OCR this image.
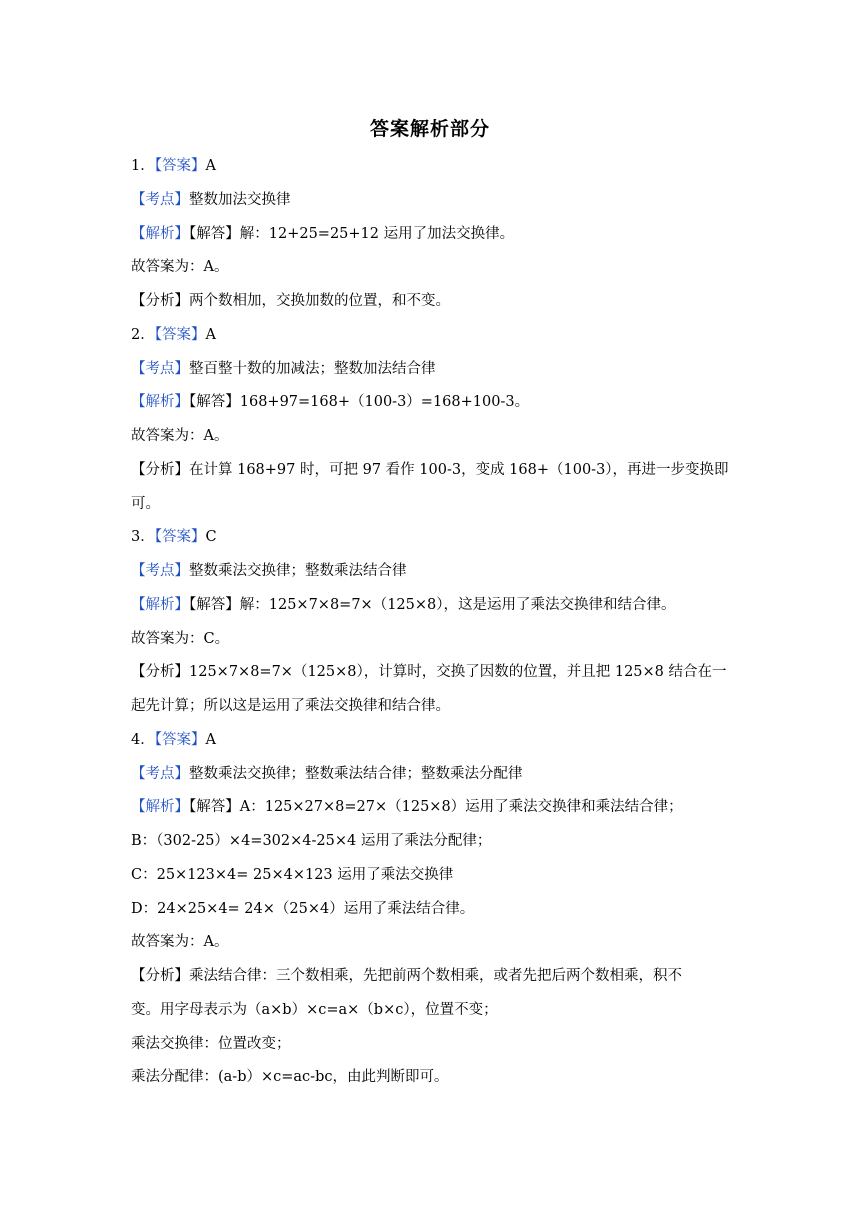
答案解析部分
1．【答案】A
【考点】整数加法交换律
【解析】【解答】解：12+25=25+12 运用了加法交换律。
故答案为：A。
【分析】两个数相加，交换加数的位置，和不变。
2．【答案】A
【考点】整百整十数的加减法；整数加法结合律
【解析】【解答】168+97=168+（100-3）=168+100-3。
故答案为：A。
【分析】在计算 168+97 时，可把 97 看作 100-3，变成 168+（100-3），再进一步变换即
可。
3．【答案】C
【考点】整数乘法交换律；整数乘法结合律
【解析】【解答】解：125×7×8=7×（125×8），这是运用了乘法交换律和结合律。
故答案为：C。
【分析】125×7×8=7×（125×8），计算时，交换了因数的位置，并且把 125×8 结合在一
起先计算；所以这是运用了乘法交换律和结合律。
4．【答案】A
【考点】整数乘法交换律；整数乘法结合律；整数乘法分配律
【解析】【解答】A：125×27×8=27×（125×8）运用了乘法交换律和乘法结合律；
B：（302-25）×4=302×4-25×4 运用了乘法分配律；
C：25×123×4= 25×4×123 运用了乘法交换律
D：24×25×4= 24×（25×4）运用了乘法结合律。
故答案为：A。
【分析】乘法结合律：三个数相乘，先把前两个数相乘，或者先把后两个数相乘，积不
变。用字母表示为（a×b）×c=a×（b×c），位置不变；
乘法交换律：位置改变；
乘法分配律：(a-b）×c=ac-bc，由此判断即可。
